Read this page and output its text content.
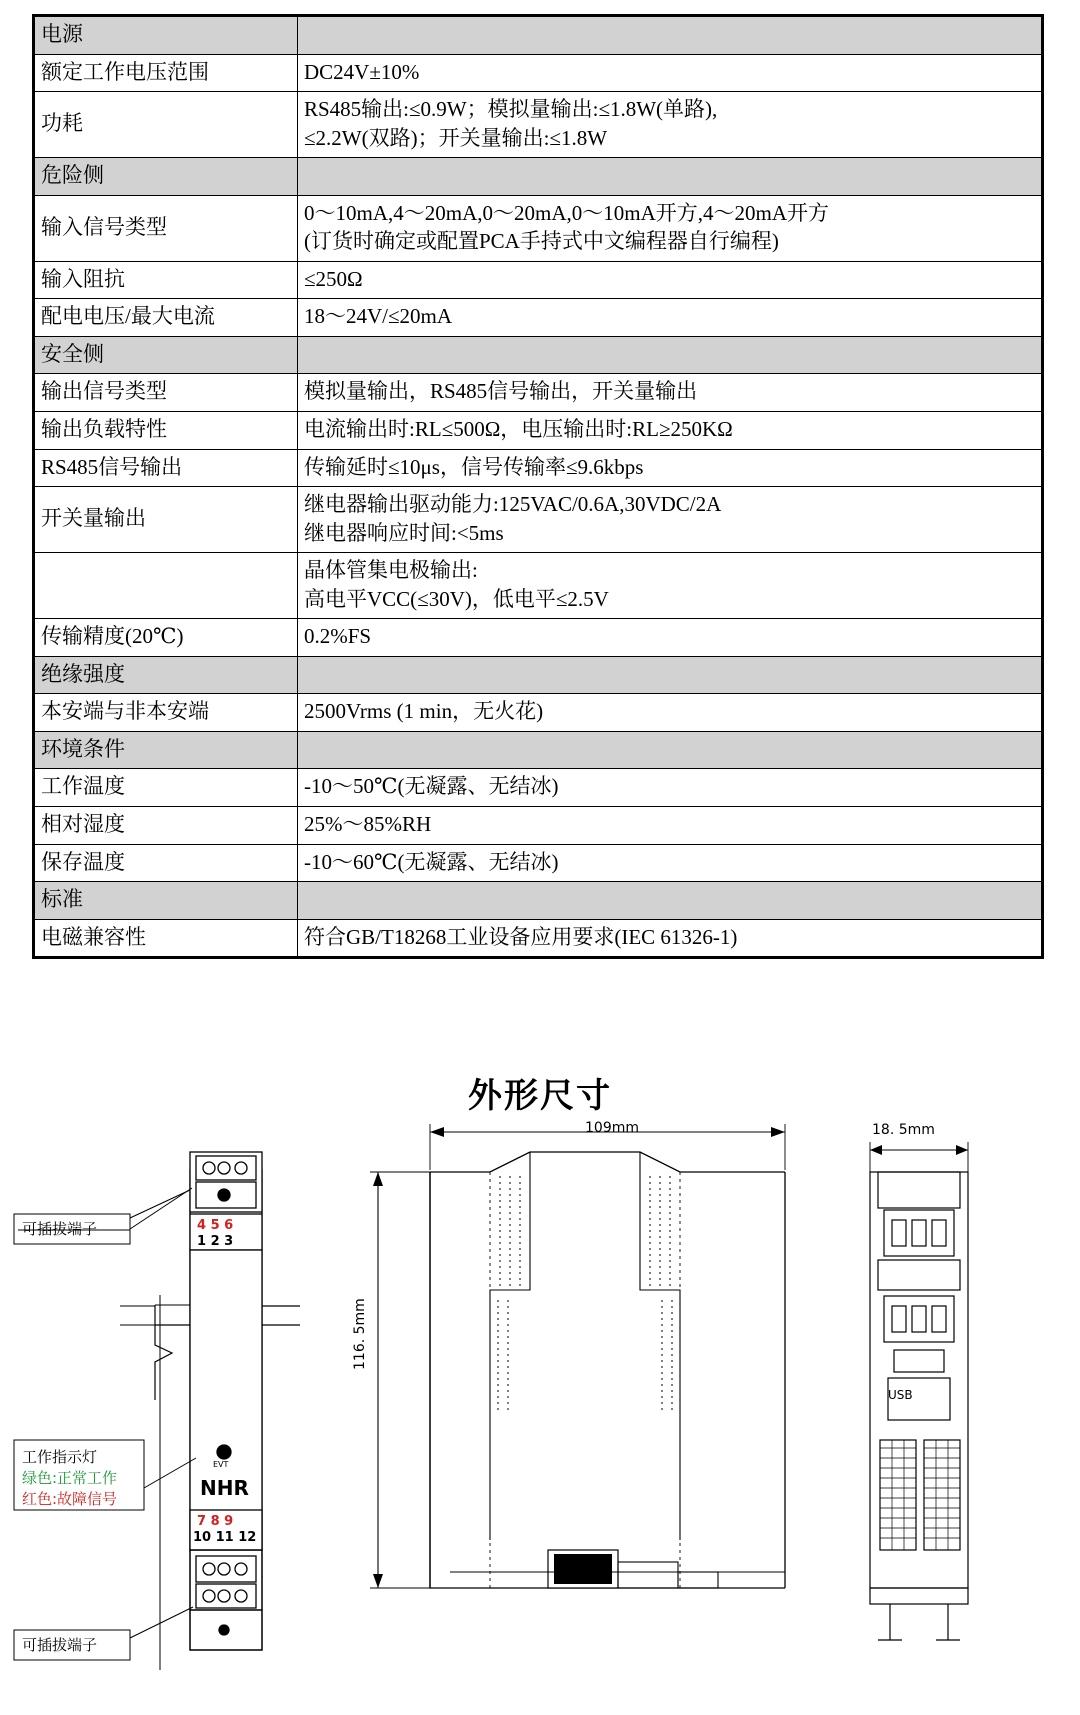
电源	
额定工作电压范围	DC24V±10%
功耗	RS485输出:≤0.9W；模拟量输出:≤1.8W(单路),
≤2.2W(双路)；开关量输出:≤1.8W

危险侧	
输入信号类型	0～10mA,4～20mA,0～20mA,0～10mA开方,4～20mA开方
(订货时确定或配置PCA手持式中文编程器自行编程)

输入阻抗	≤250Ω
配电电压/最大电流	18～24V/≤20mA
安全侧	
输出信号类型	模拟量输出，RS485信号输出，开关量输出
输出负载特性	电流输出时:RL≤500Ω，电压输出时:RL≥250KΩ
RS485信号输出	传输延时≤10μs，信号传输率≤9.6kbps
开关量输出	继电器输出驱动能力:125VAC/0.6A,30VDC/2A
继电器响应时间:<5ms

	晶体管集电极输出:
高电平VCC(≤30V)，低电平≤2.5V

传输精度(20℃)	0.2%FS
绝缘强度	
本安端与非本安端	2500Vrms (1 min，无火花)
环境条件	
工作温度	-10～50℃(无凝露、无结冰)
相对湿度	25%～85%RH
保存温度	-10～60℃(无凝露、无结冰)
标准	
电磁兼容性	符合GB/T18268工业设备应用要求(IEC 61326-1)
外形尺寸
可插拔端子
工作指示灯
绿色:正常工作
红色:故障信号
可插拔端子
4 5 6
1 2 3
EVT
NHR
7 8 9
10 11 12
109mm
116. 5mm
18. 5mm
USB
